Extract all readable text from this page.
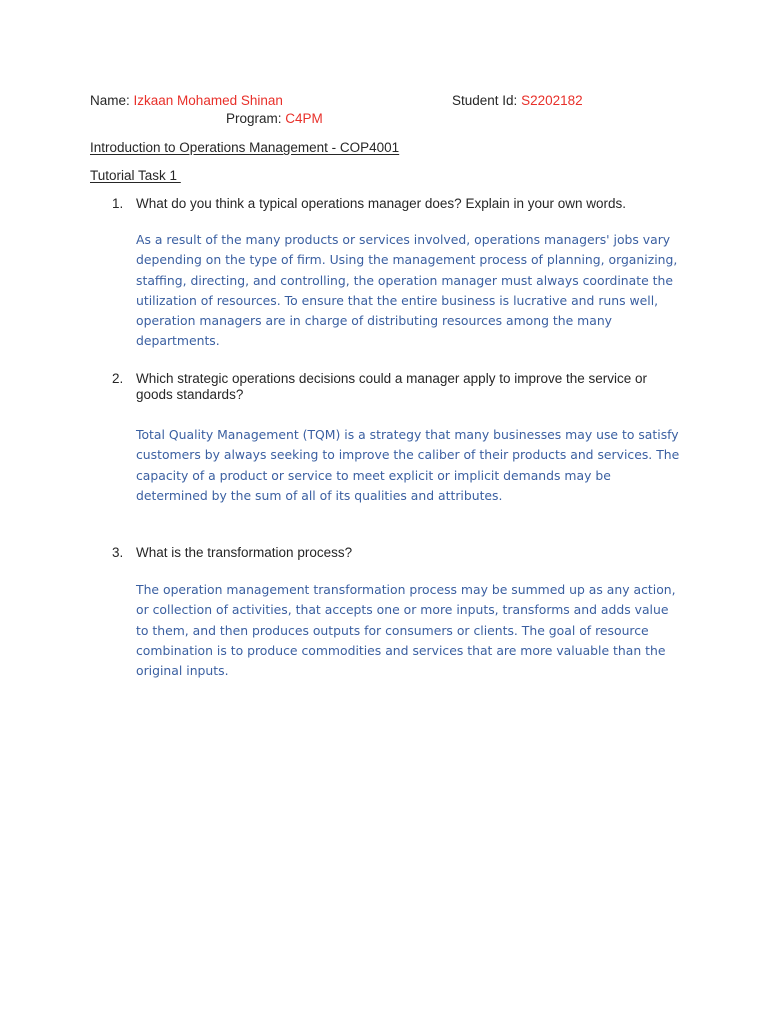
Name: Izkaan Mohamed Shinan	Student Id: S2202182
Program: C4PM
Introduction to Operations Management - COP4001
Tutorial Task 1
1. What do you think a typical operations manager does? Explain in your own words.
As a result of the many products or services involved, operations managers' jobs vary depending on the type of firm. Using the management process of planning, organizing, staffing, directing, and controlling, the operation manager must always coordinate the utilization of resources. To ensure that the entire business is lucrative and runs well, operation managers are in charge of distributing resources among the many departments.
2. Which strategic operations decisions could a manager apply to improve the service or goods standards?
Total Quality Management (TQM) is a strategy that many businesses may use to satisfy customers by always seeking to improve the caliber of their products and services. The capacity of a product or service to meet explicit or implicit demands may be determined by the sum of all of its qualities and attributes.
3. What is the transformation process?
The operation management transformation process may be summed up as any action, or collection of activities, that accepts one or more inputs, transforms and adds value to them, and then produces outputs for consumers or clients. The goal of resource combination is to produce commodities and services that are more valuable than the original inputs.
